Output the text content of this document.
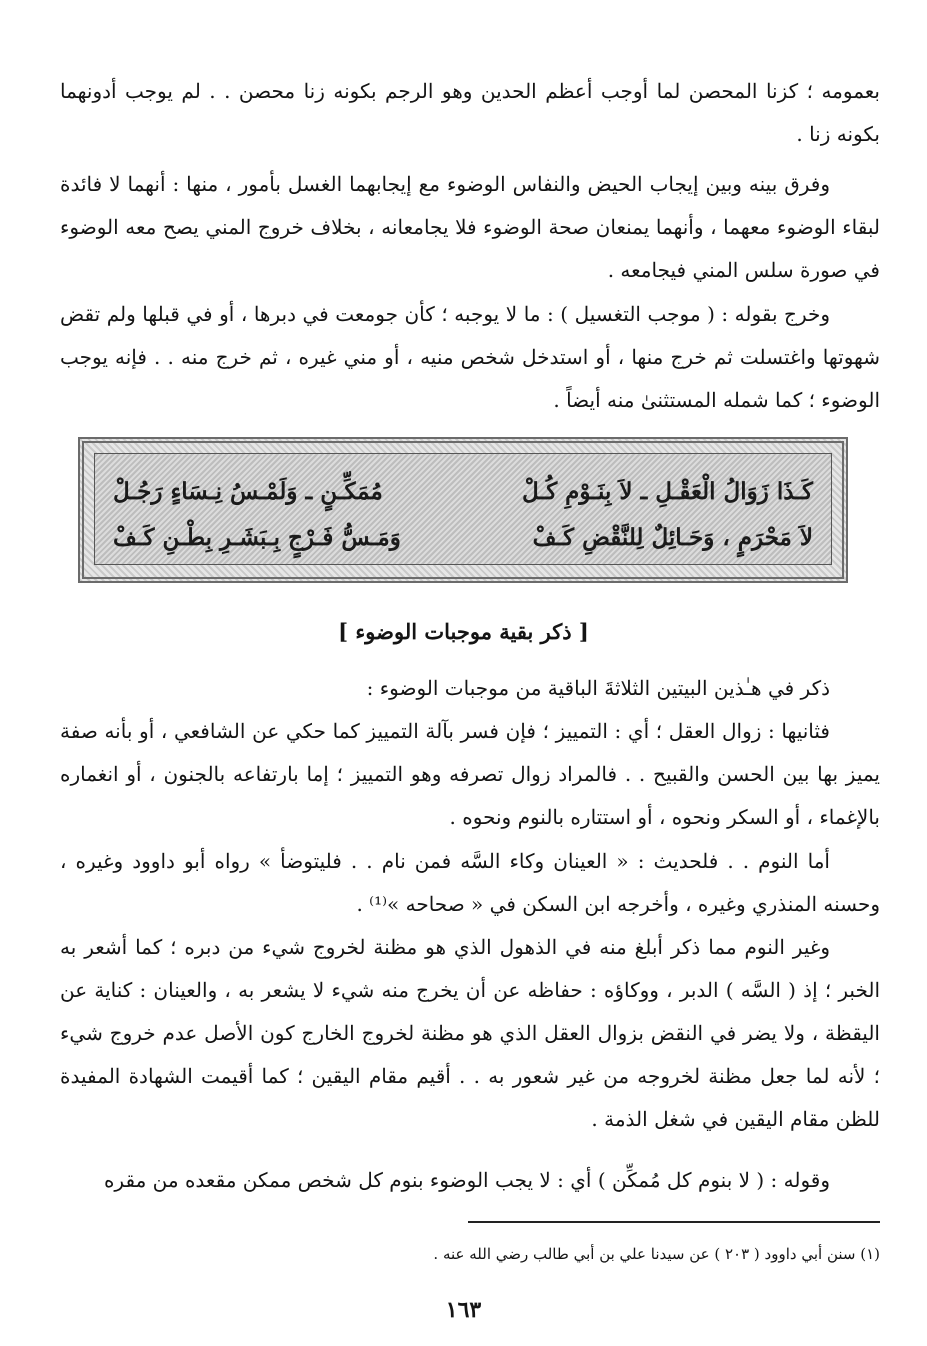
بعمومه ؛ كزنا المحصن لما أوجب أعظم الحدين وهو الرجم بكونه زنا محصن . . لم يوجب أدونهما بكونه زنا .

وفرق بينه وبين إيجاب الحيض والنفاس الوضوء مع إيجابهما الغسل بأمور ، منها : أنهما لا فائدة لبقاء الوضوء معهما ، وأنهما يمنعان صحة الوضوء فلا يجامعانه ، بخلاف خروج المني يصح معه الوضوء في صورة سلس المني فيجامعه .

وخرج بقوله : ( موجب التغسيل ) : ما لا يوجبه ؛ كأن جومعت في دبرها ، أو في قبلها ولم تقض شهوتها واغتسلت ثم خرج منها ، أو استدخل شخص منيه ، أو مني غيره ، ثم خرج منه . . فإنه يوجب الوضوء ؛ كما شمله المستثنىٰ منه أيضاً .

كَـذَا زَوَالُ الْعَقْـلِ ـ لاَ بِنَـوْمِ كُـلْ
مُمَكِّـنٍ ـ وَلَمْـسُ نِـسَاءٍ رَجُـلْ
لاَ مَحْرَمٍ ، وَحَـائِلٌ لِلنَّقْضِ كَـفْ
وَمَـسُّ فَـرْجٍ بِـبَشَـرِ بِطْـنِ كَـفْ
[ ذكر بقية موجبات الوضوء ]

ذكر في هـٰذين البيتين الثلاثةَ الباقية من موجبات الوضوء :

فثانيها : زوال العقل ؛ أي : التمييز ؛ فإن فسر بآلة التمييز كما حكي عن الشافعي ، أو بأنه صفة يميز بها بين الحسن والقبيح . . فالمراد زوال تصرفه وهو التمييز ؛ إما بارتفاعه بالجنون ، أو انغماره بالإغماء ، أو السكر ونحوه ، أو استتاره بالنوم ونحوه .

أما النوم . . فلحديث : « العينان وكاء السَّه فمن نام . . فليتوضأ » رواه أبو داوود وغيره ، وحسنه المنذري وغيره ، وأخرجه ابن السكن في « صحاحه »⁽¹⁾ .

وغير النوم مما ذكر أبلغ منه في الذهول الذي هو مظنة لخروج شيء من دبره ؛ كما أشعر به الخبر ؛ إذ ( السَّه ) الدبر ، ووكاؤه : حفاظه عن أن يخرج منه شيء لا يشعر به ، والعينان : كناية عن اليقظة ، ولا يضر في النقض بزوال العقل الذي هو مظنة لخروج الخارج كون الأصل عدم خروج شيء ؛ لأنه لما جعل مظنة لخروجه من غير شعور به . . أقيم مقام اليقين ؛ كما أقيمت الشهادة المفيدة للظن مقام اليقين في شغل الذمة .

وقوله : ( لا بنوم كل مُمكِّن ) أي : لا يجب الوضوء بنوم كل شخص ممكن مقعده من مقره

(١) سنن أبي داوود ( ٢٠٣ ) عن سيدنا علي بن أبي طالب رضي الله عنه .
١٦٣
